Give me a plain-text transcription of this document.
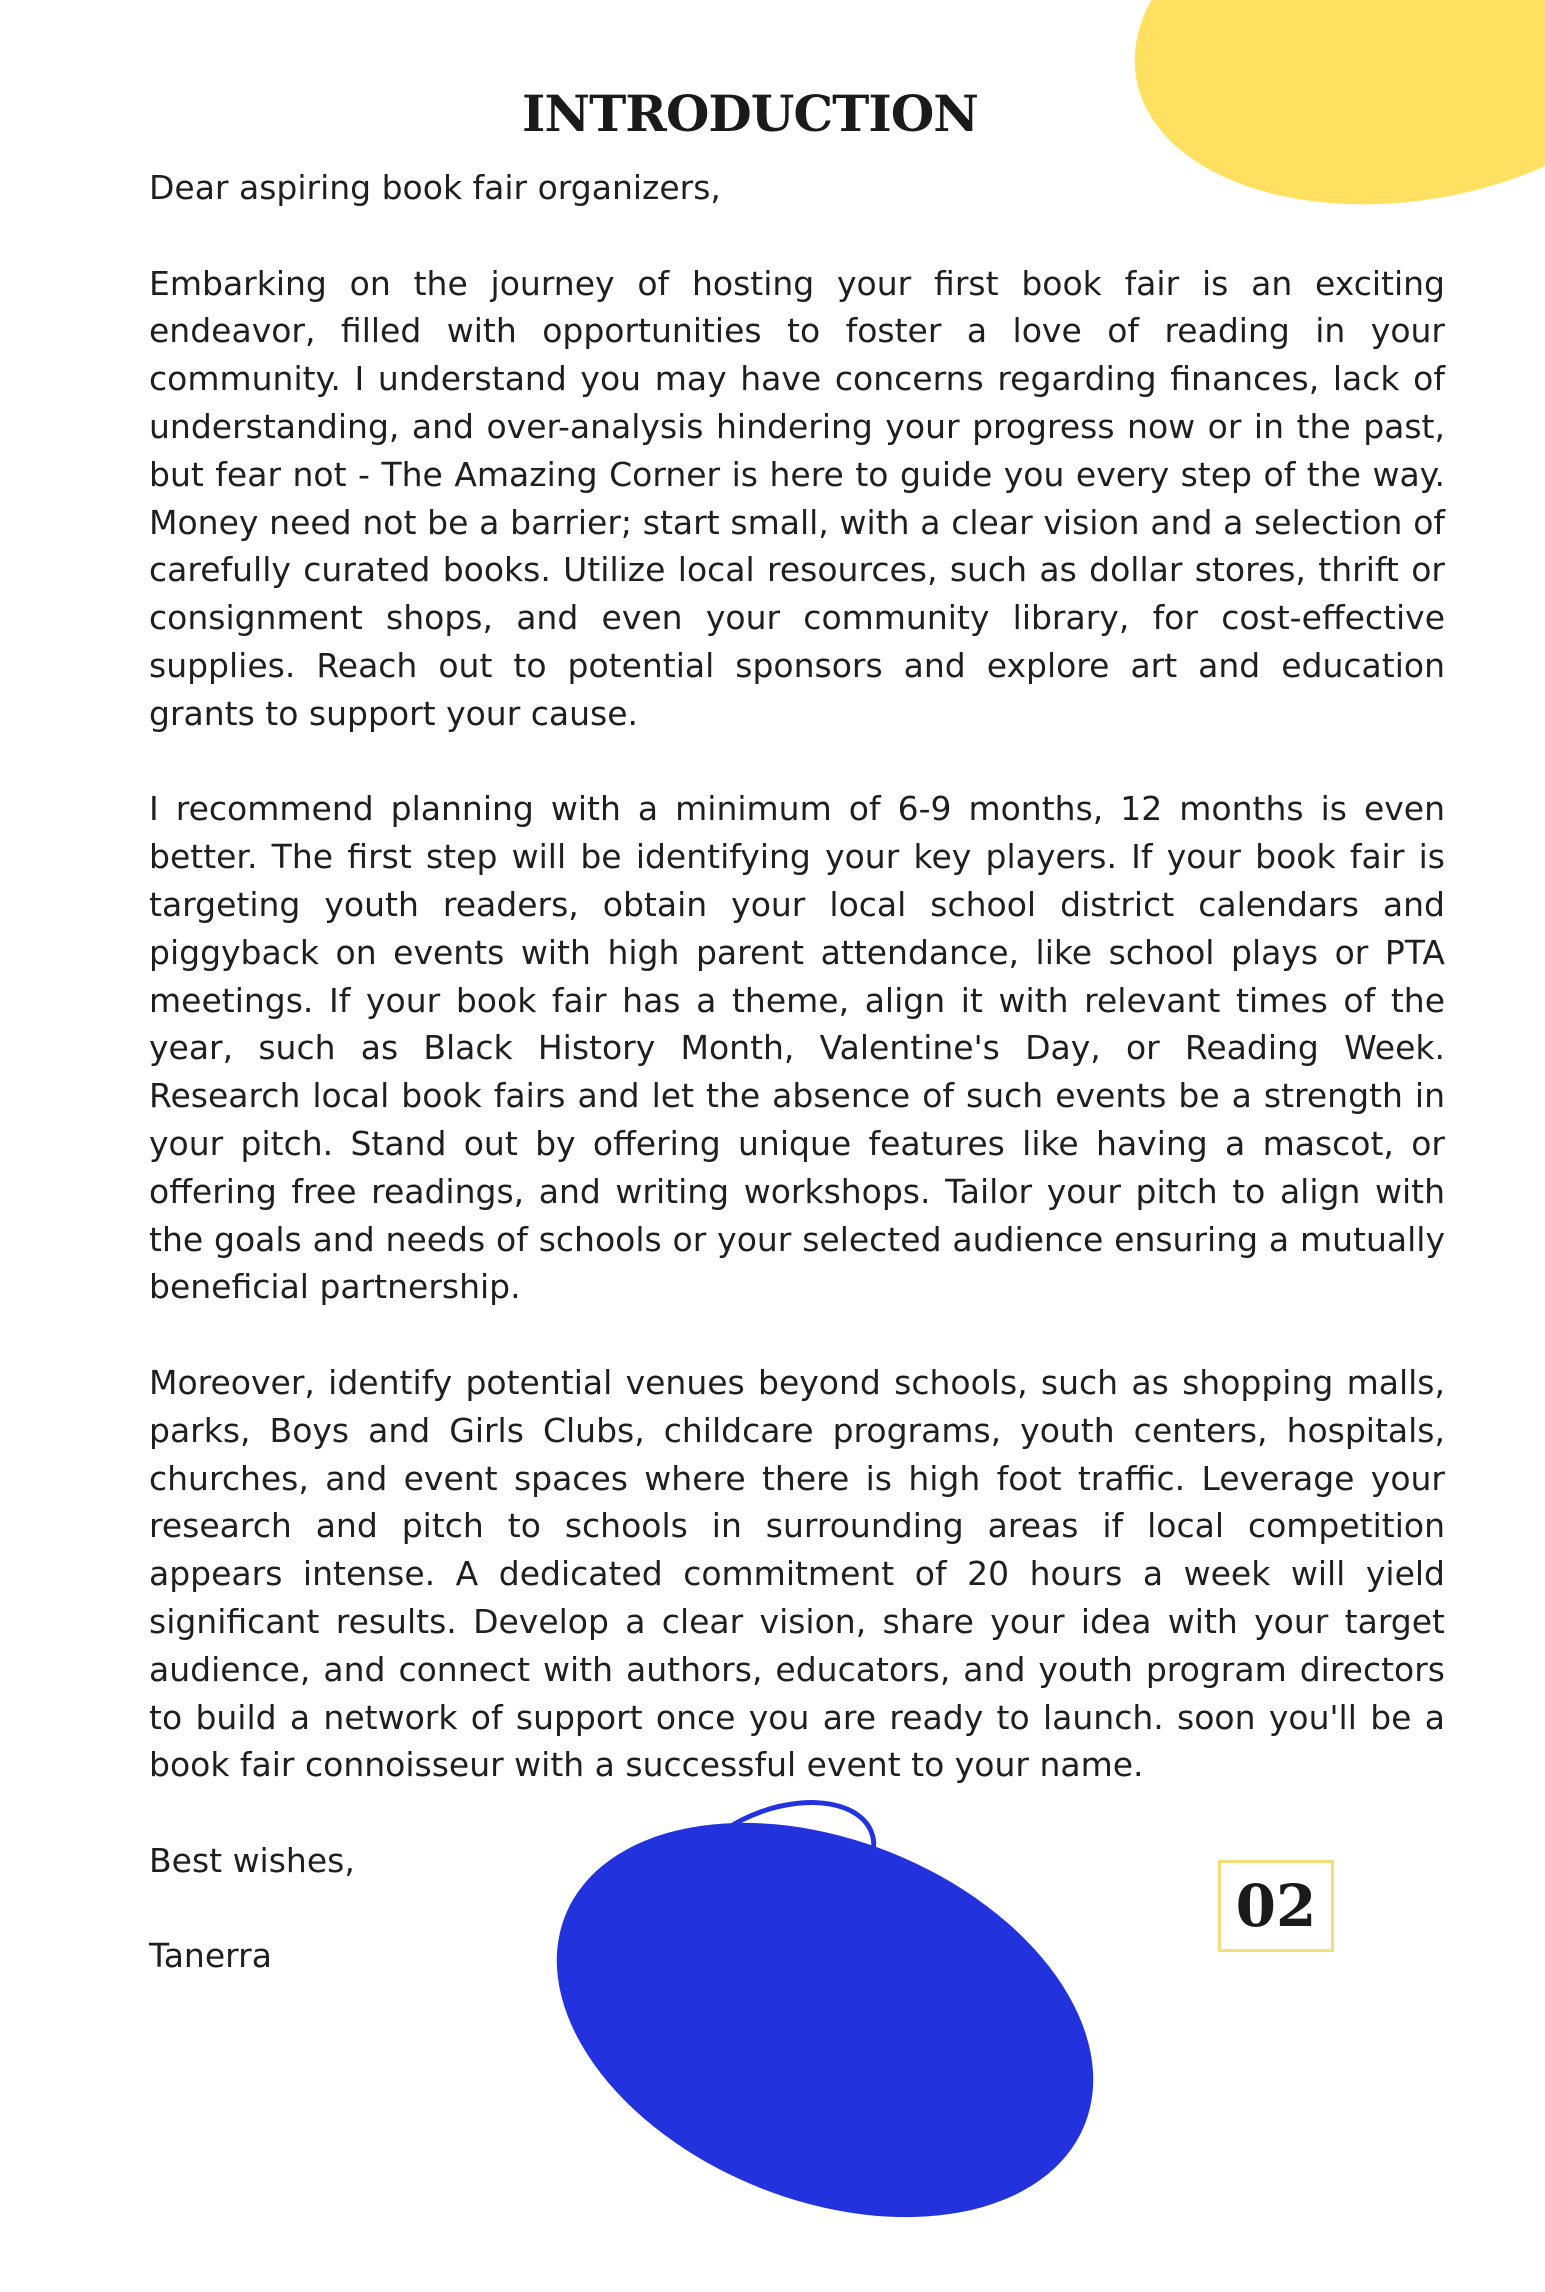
INTRODUCTION

Dear aspiring book fair organizers,

Embarking on the journey of hosting your first book fair is an exciting endeavor, filled with opportunities to foster a love of reading in your community. I understand you may have concerns regarding finances, lack of understanding, and over-analysis hindering your progress now or in the past, but fear not - The Amazing Corner is here to guide you every step of the way. Money need not be a barrier; start small, with a clear vision and a selection of carefully curated books. Utilize local resources, such as dollar stores, thrift or consignment shops, and even your community library, for cost-effective supplies. Reach out to potential sponsors and explore art and education grants to support your cause.

I recommend planning with a minimum of 6-9 months, 12 months is even better. The first step will be identifying your key players. If your book fair is targeting youth readers, obtain your local school district calendars and piggyback on events with high parent attendance, like school plays or PTA meetings. If your book fair has a theme, align it with relevant times of the year, such as Black History Month, Valentine's Day, or Reading Week. Research local book fairs and let the absence of such events be a strength in your pitch. Stand out by offering unique features like having a mascot, or offering free readings, and writing workshops. Tailor your pitch to align with the goals and needs of schools or your selected audience ensuring a mutually beneficial partnership.

Moreover, identify potential venues beyond schools, such as shopping malls, parks, Boys and Girls Clubs, childcare programs, youth centers, hospitals, churches, and event spaces where there is high foot traffic. Leverage your research and pitch to schools in surrounding areas if local competition appears intense. A dedicated commitment of 20 hours a week will yield significant results. Develop a clear vision, share your idea with your target audience, and connect with authors, educators, and youth program directors to build a network of support once you are ready to launch. soon you'll be a book fair connoisseur with a successful event to your name.

Best wishes,

Tanerra

02
